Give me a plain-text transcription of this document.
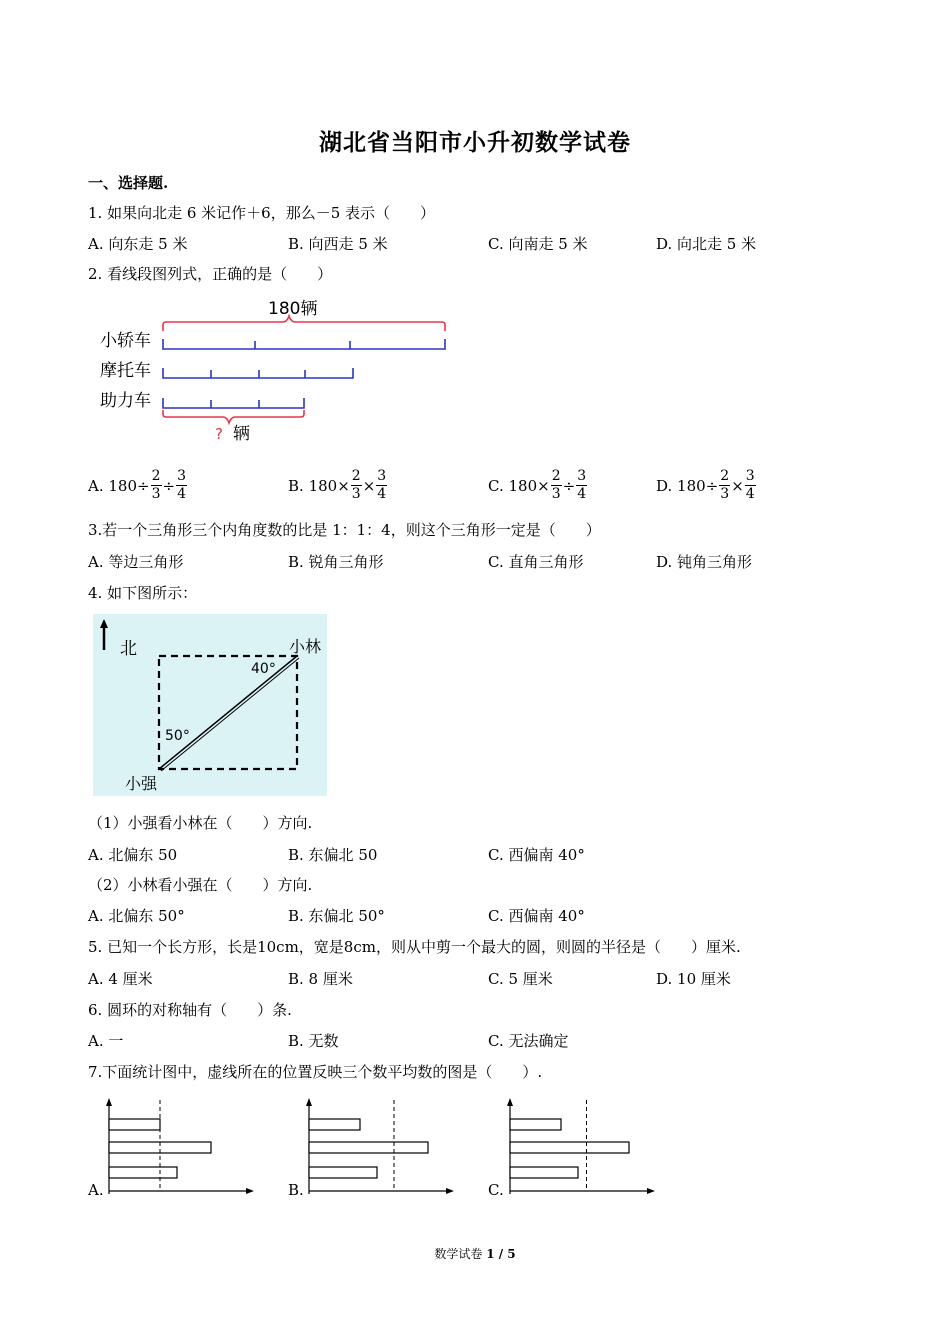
湖北省当阳市小升初数学试卷
一、选择题.
1. 如果向北走 6 米记作＋6，那么－5 表示（　　）
A. 向东走 5 米	B. 向西走 5 米	C. 向南走 5 米	D. 向北走 5 米
2. 看线段图列式，正确的是（　　）
180辆
小轿车
摩托车
助力车
? 辆
A.
$180 \div \frac{2}{3} \div \frac{3}{4}$	B.
$180 \times \frac{2}{3} \times \frac{3}{4}$	C.
$180 \times \frac{2}{3} \div \frac{3}{4}$	D.
$180 \div \frac{2}{3} \times \frac{3}{4}$
3.若一个三角形三个内角度数的比是 1：1：4，则这个三角形一定是（　　）
A. 等边三角形	B. 锐角三角形	C. 直角三角形	D. 钝角三角形
4. 如下图所示：
北	小林
40°
50°
小强
（1）小强看小林在（　　）方向.
A. 北偏东 50	B. 东偏北 50	C. 西偏南 40°
（2）小林看小强在（　　）方向.
A. 北偏东 50°	B. 东偏北 50°	C. 西偏南 40°
5. 已知一个长方形，长是10cm，宽是8cm，则从中剪一个最大的圆，则圆的半径是（　　）厘米.
A. 4 厘米	B. 8 厘米	C. 5 厘米	D. 10 厘米
6. 圆环的对称轴有（　　）条.
A. 一	B. 无数	C. 无法确定
7.下面统计图中，虚线所在的位置反映三个数平均数的图是（　　）.
A.	B.	C.
数学试卷 1 / 5
